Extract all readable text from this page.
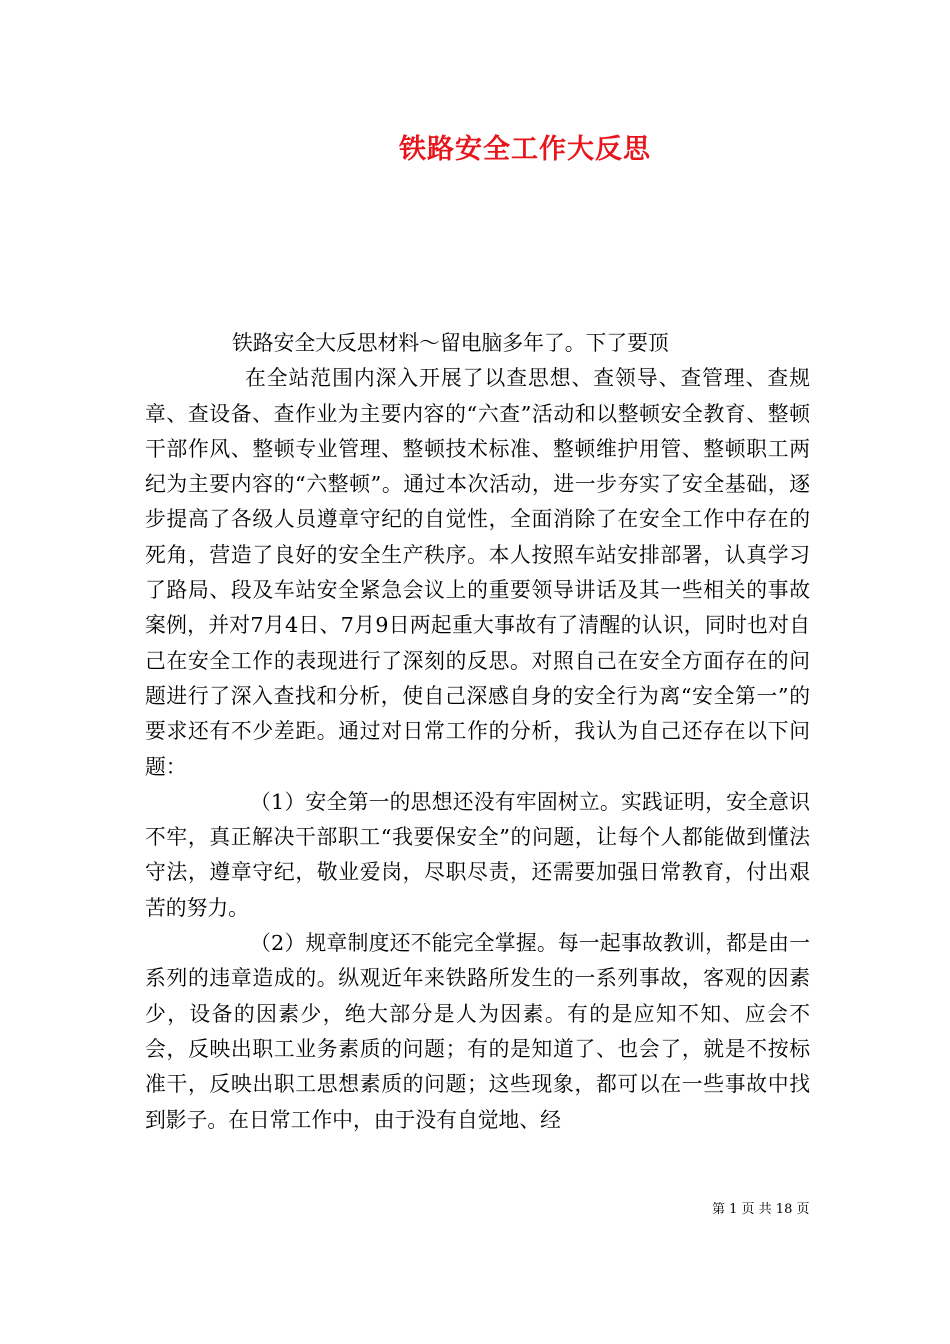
铁路安全工作大反思

铁路安全大反思材料～留电脑多年了。下了要顶

在全站范围内深入开展了以查思想、查领导、查管理、查规章、查设备、查作业为主要内容的“六查”活动和以整顿安全教育、整顿干部作风、整顿专业管理、整顿技术标准、整顿维护用管、整顿职工两纪为主要内容的“六整顿”。通过本次活动，进一步夯实了安全基础，逐步提高了各级人员遵章守纪的自觉性，全面消除了在安全工作中存在的死角，营造了良好的安全生产秩序。本人按照车站安排部署，认真学习了路局、段及车站安全紧急会议上的重要领导讲话及其一些相关的事故案例，并对7月4日、7月9日两起重大事故有了清醒的认识，同时也对自己在安全工作的表现进行了深刻的反思。对照自己在安全方面存在的问题进行了深入查找和分析，使自己深感自身的安全行为离“安全第一”的要求还有不少差距。通过对日常工作的分析，我认为自己还存在以下问题：

（1）安全第一的思想还没有牢固树立。实践证明，安全意识不牢，真正解决干部职工“我要保安全”的问题，让每个人都能做到懂法守法，遵章守纪，敬业爱岗，尽职尽责，还需要加强日常教育，付出艰苦的努力。

（2）规章制度还不能完全掌握。每一起事故教训，都是由一系列的违章造成的。纵观近年来铁路所发生的一系列事故，客观的因素少，设备的因素少，绝大部分是人为因素。有的是应知不知、应会不会，反映出职工业务素质的问题；有的是知道了、也会了，就是不按标准干，反映出职工思想素质的问题；这些现象，都可以在一些事故中找到影子。在日常工作中，由于没有自觉地、经

第 1 页 共 18 页
